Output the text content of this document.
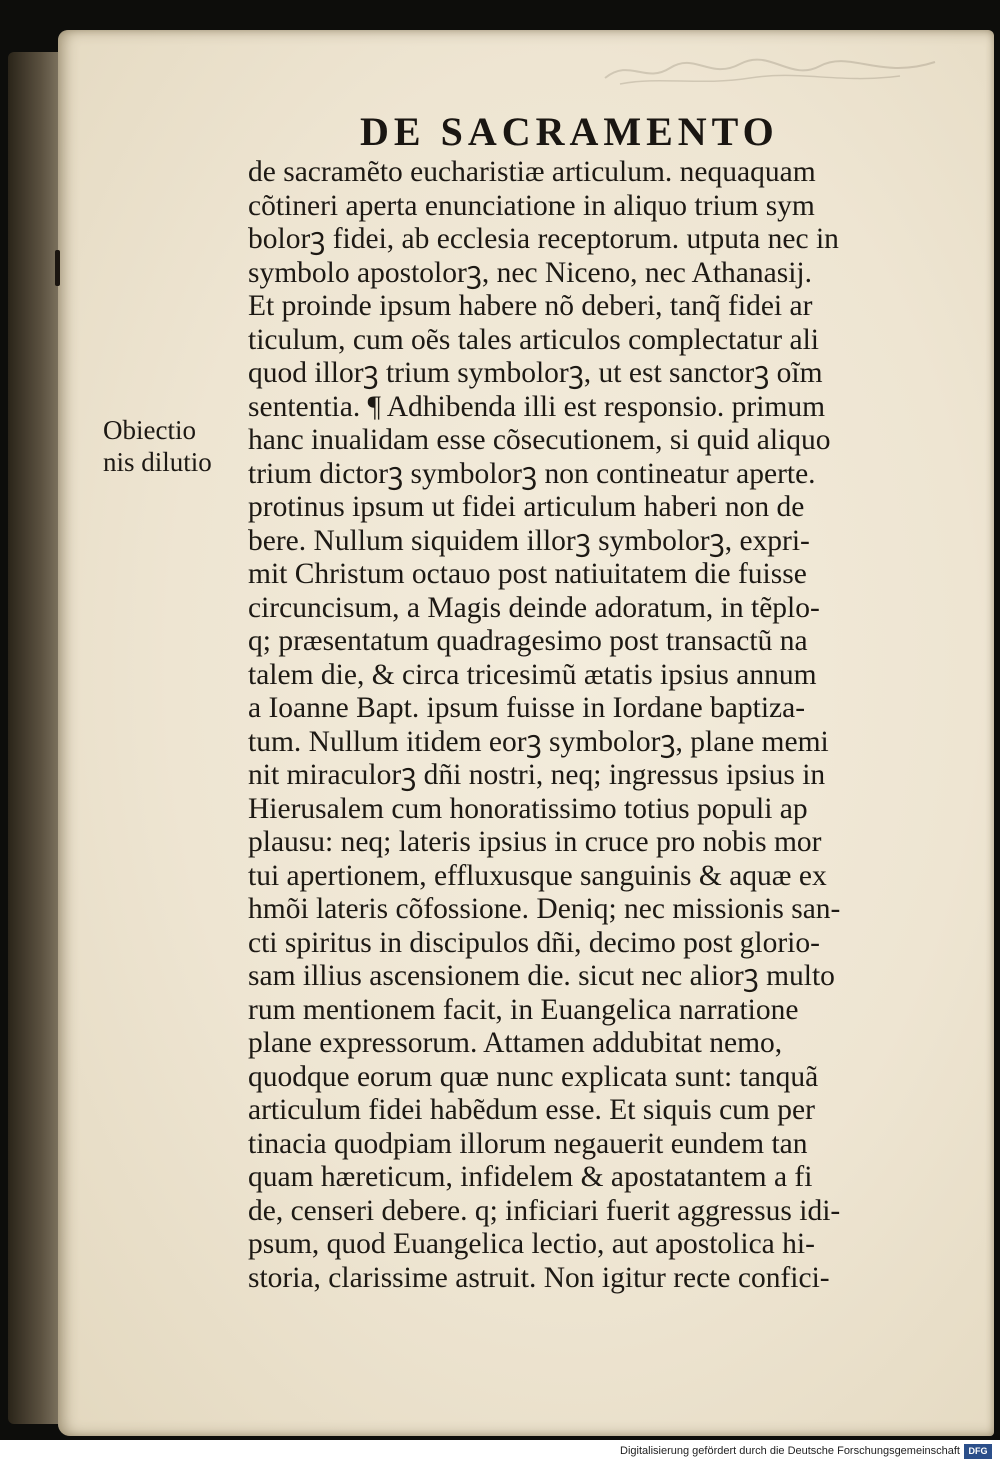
DE SACRAMENTO
Obiectio
nis dilutio
de sacramẽto eucharistiæ articulum. nequaquam
cõtineri aperta enunciatione in aliquo trium sym
bolorꝫ fidei, ab ecclesia receptorum. utputa nec in
symbolo apostolorꝫ, nec Niceno, nec Athanasij.
Et proinde ipsum habere nõ deberi, tanq̃ fidei ar
ticulum, cum oẽs tales articulos complectatur ali
quod illorꝫ trium symbolorꝫ, ut est sanctorꝫ oĩm
sententia. ¶ Adhibenda illi est responsio. primum
hanc inualidam esse cõsecutionem, si quid aliquo
trium dictorꝫ symbolorꝫ non contineatur aperte.
protinus ipsum ut fidei articulum haberi non de
bere. Nullum siquidem illorꝫ symbolorꝫ, expri-
mit Christum octauo post natiuitatem die fuisse
circuncisum, a Magis deinde adoratum, in tẽplo-
q; præsentatum quadragesimo post transactũ na
talem die, & circa tricesimũ ætatis ipsius annum
a Ioanne Bapt. ipsum fuisse in Iordane baptiza-
tum. Nullum itidem eorꝫ symbolorꝫ, plane memi
nit miraculorꝫ dñi nostri, neq; ingressus ipsius in
Hierusalem cum honoratissimo totius populi ap
plausu: neq; lateris ipsius in cruce pro nobis mor
tui apertionem, effluxusque sanguinis & aquæ ex
hmõi lateris cõfossione. Deniq; nec missionis san-
cti spiritus in discipulos dñi, decimo post glorio-
sam illius ascensionem die. sicut nec aliorꝫ multo
rum mentionem facit, in Euangelica narratione
plane expressorum. Attamen addubitat nemo,
quodque eorum quæ nunc explicata sunt: tanquã
articulum fidei habẽdum esse. Et siquis cum per
tinacia quodpiam illorum negauerit eundem tan
quam hæreticum, infidelem & apostatantem a fi
de, censeri debere. q; inficiari fuerit aggressus idi-
psum, quod Euangelica lectio, aut apostolica hi-
storia, clarissime astruit. Non igitur recte confici-
Digitalisierung gefördert durch die Deutsche Forschungsgemeinschaft DFG
